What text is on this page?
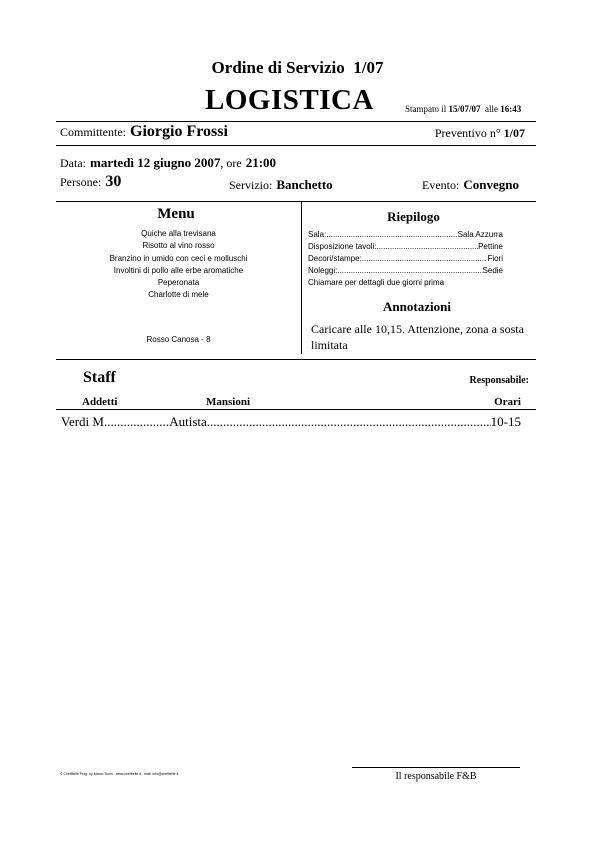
Ordine di Servizio 1/07
LOGISTICA	Stampato il 15/07/07 alle 16:43
Committente: Giorgio Frossi	Preventivo n° 1/07
Data: martedì 12 giugno 2007, ore 21:00
Persone: 30	Servizio: Banchetto	Evento: Convegno
Menu
Quiche alla trevisana
Risotto al vino rosso
Branzino in umido con ceci e molluschi
Involtini di pollo alle erbe aromatiche
Peperonata
Charlotte di mele
Rosso Canosa - 8
Riepilogo
Sala: .....	Sala Azzurra
Disposizione tavoli: .....	Pettine
Decori/stampe: .....	Fiori
Noleggi: .....	Sedie
Chiamare per dettagli due giorni prima
Annotazioni
Caricare alle 10,15. Attenzione, zona a sosta
limitata
Staff	Responsabile:
Addetti	Mansioni	Orari
Verdi M. .....	Autista .....	10-15
© ChefBelle Prog. by Marco Tonin - www.chefbelle.it - mail: info@chefbelle.it	Il responsabile F&B
